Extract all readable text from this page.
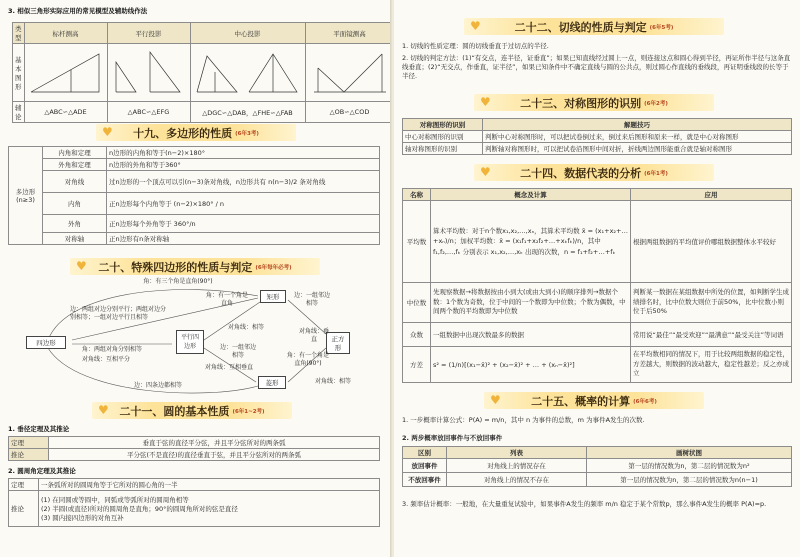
3. 相似三角形实际应用的常见模型及辅助线作法
类型	标杆测高	平行投影	中心投影	平面镜测高
基本图形				
辅论	△ABC∽△ADE	△ABC∽△EFG	△DGC∽△DAB，△FHE∽△FAB	△OB∽△COD
♥ 十九、多边形的性质 (6年3考)
多边形
(n≥3)	内角和定理	n边形的内角和等于(n−2)×180°
	外角和定理	n边形的外角和等于360°
	对角线	过n边形的一个顶点可以引(n−3)条对角线，n边形共有 n(n−3)/2 条对角线
	内角	正n边形每个内角等于 (n−2)×180° / n
	外角	正n边形每个外角等于 360°/n
	对称轴	正n边形有n条对称轴
♥ 二十、特殊四边形的性质与判定 (6年每年必考)
四边形
平行四边形
矩形
菱形
正方形
角：有三个角是直角(90°)
角：有一个角是直角
边：两组对边分别平行；两组对边分别相等；一组对边平行且相等
角：两组对角分别相等
对角线：互相平分
对角线：相等
边：一组邻边相等
对角线：互相垂直
边：一组邻边相等
角：有一个角是直角(90°)
对角线：垂直
对角线：相等
边：四条边都相等
♥ 二十一、圆的基本性质 (6年1~2考)
1. 垂径定理及其推论
定理	垂直于弦的直径平分弦，并且平分弦所对的两条弧
推论	平分弦(不是直径)的直径垂直于弦，并且平分弦所对的两条弧
2. 圆周角定理及其推论
定理	一条弧所对的圆周角等于它所对的圆心角的一半
推论	(1) 在同圆或等圆中，同弧或等弧所对的圆周角相等
(2) 半圆(或直径)所对的圆周角是直角；90°的圆周角所对的弦是直径
(3) 圆内接四边形的对角互补
♥	二十二、切线的性质与判定 (6年5考)
1. 切线的性质定理：圆的切线垂直于过切点的半径.
2. 切线的判定方法：(1)“有交点，连半径，证垂直”；如果已知直线经过圆上一点，则连接这点和圆心得到半径，再证所作半径与这条直线垂直；(2)“无交点，作垂直，证半径”，如果已知条件中不确定直线与圆的公共点，则过圆心作直线的垂线段，再证明垂线段的长等于半径.
♥	二十三、对称图形的识别 (6年2考)
对称图形的识别	解题技巧
中心对称图形的识别	判断中心对称图形时，可以把试卷倒过来，倒过来后图形和原来一样，就是中心对称图形
轴对称图形的识别	判断轴对称图形时，可以把试卷沿图形中间对折，折线两边图形能重合就是轴对称图形
♥	二十四、数据代表的分析 (6年1考)
名称	概念及计算	应用
平均数	算术平均数：对于n个数x₁,x₂,…,xₙ，其算术平均数 x̄ = (x₁+x₂+…+xₙ)/n；加权平均数：x̄ = (x₁f₁+x₂f₂+…+xₖfₖ)/n，其中 f₁,f₂,…,fₖ 分别表示 x₁,x₂,…,xₖ 出现的次数，n = f₁+f₂+…+fₖ	根据两组数据的平均值评价哪组数据整体水平较好
中位数	先观察数据→将数据按由小到大(或由大到小)的顺序排列→数据个数：1个数为奇数，位于中间的一个数即为中位数；个数为偶数，中间两个数的平均数即为中位数	判断某一数据在某组数据中所处的位置，如判断学生成绩排名时，比中位数大则位于前50%，比中位数小则位于后50%
众数	一组数据中出现次数最多的数据	常用说“最佳”“最受欢迎”“最满意”“最受关注”等词语
方差	s² = (1/n)[(x₁−x̄)² + (x₂−x̄)² + … + (xₙ−x̄)²]	在平均数相同的情况下，用于比较两组数据的稳定性，方差越大，则数据的波动越大，稳定性越差；反之亦成立
♥	二十五、概率的计算 (6年6考)
1. 一步概率计算公式：P(A) = m/n，其中 n 为事件的总数，m 为事件A发生的次数.
2. 两步概率放回事件与不放回事件
区别	列表	画树状图
放回事件	对角线上的情况存在	第一层的情况数为n，第二层的情况数为n²
不放回事件	对角线上的情况不存在	第一层的情况数为n，第二层的情况数为n(n−1)
3. 频率估计概率：一般地，在大量重复试验中，如果事件A发生的频率 m/n 稳定于某个常数p，那么事件A发生的概率 P(A)=p.
